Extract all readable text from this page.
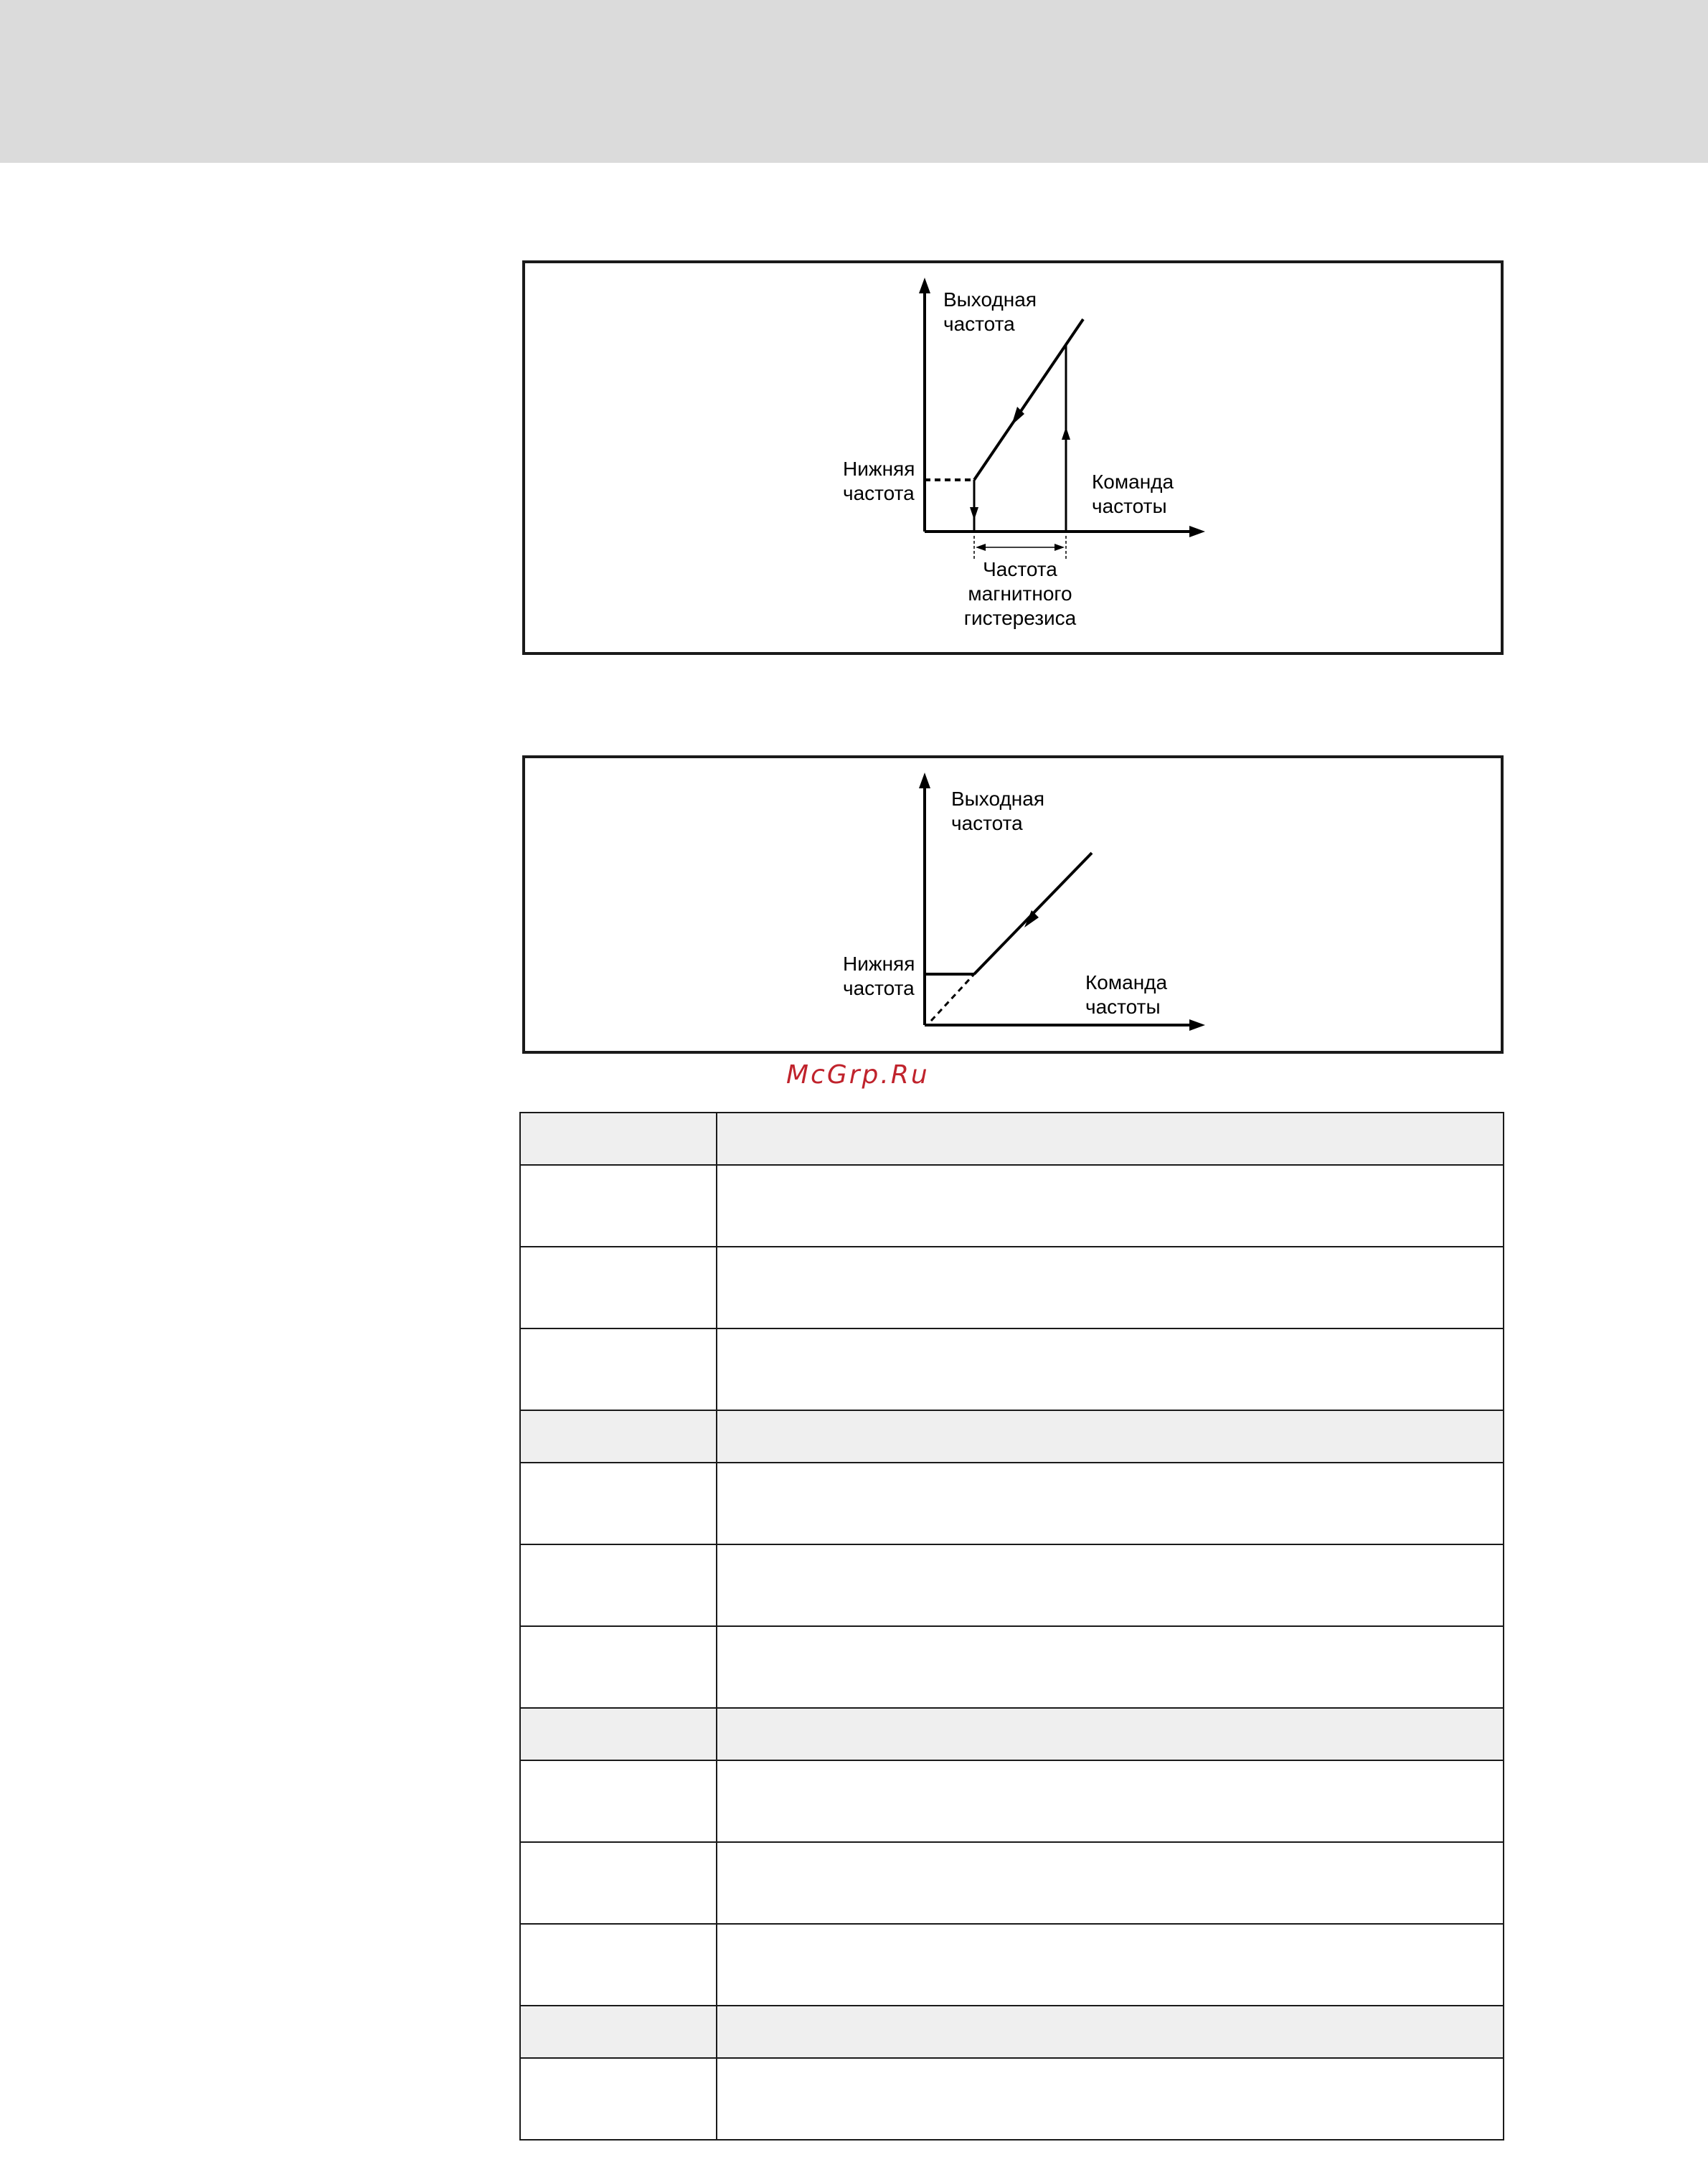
Выходная
частота
Нижняя
частота
Команда
частоты
Частота
магнитного
гистерезиса
Выходная
частота
Нижняя
частота	Команда
частоты
McGrp.Ru
